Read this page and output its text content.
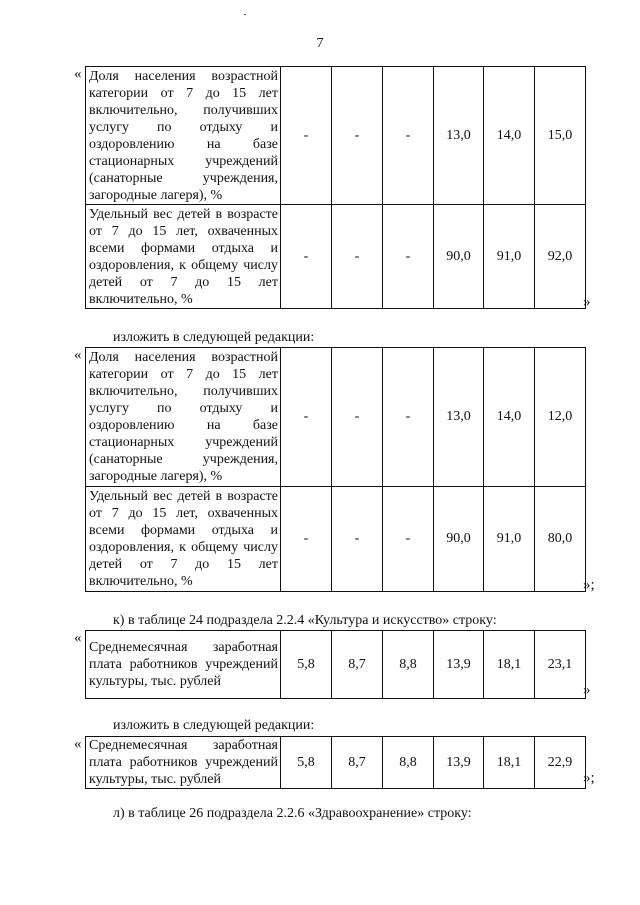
7
« Доля населения возрастной категории от 7 до 15 лет включительно, получивших услугу по отдыху и оздоровлению на базе стационарных учреждений (санаторные учреждения, загородные лагеря), %	-	-	-	13,0	14,0	15,0
Удельный вес детей в возрасте от 7 до 15 лет, охваченных всеми формами отдыха и оздоровления, к общему числу детей от 7 до 15 лет включительно, %	-	-	-	90,0	91,0	92,0
»
изложить в следующей редакции:
« Доля населения возрастной категории от 7 до 15 лет включительно, получивших услугу по отдыху и оздоровлению на базе стационарных учреждений (санаторные учреждения, загородные лагеря), %	-	-	-	13,0	14,0	12,0
Удельный вес детей в возрасте от 7 до 15 лет, охваченных всеми формами отдыха и оздоровления, к общему числу детей от 7 до 15 лет включительно, %	-	-	-	90,0	91,0	80,0
»;
к) в таблице 24 подраздела 2.2.4 «Культура и искусство» строку:
«
Среднемесячная заработная плата работников учреждений культуры, тыс. рублей	5,8	8,7	8,8	13,9	18,1	23,1
»
изложить в следующей редакции:
« Среднемесячная заработная плата работников учреждений культуры, тыс. рублей	5,8	8,7	8,8	13,9	18,1	22,9
»;
л) в таблице 26 подраздела 2.2.6 «Здравоохранение» строку:
